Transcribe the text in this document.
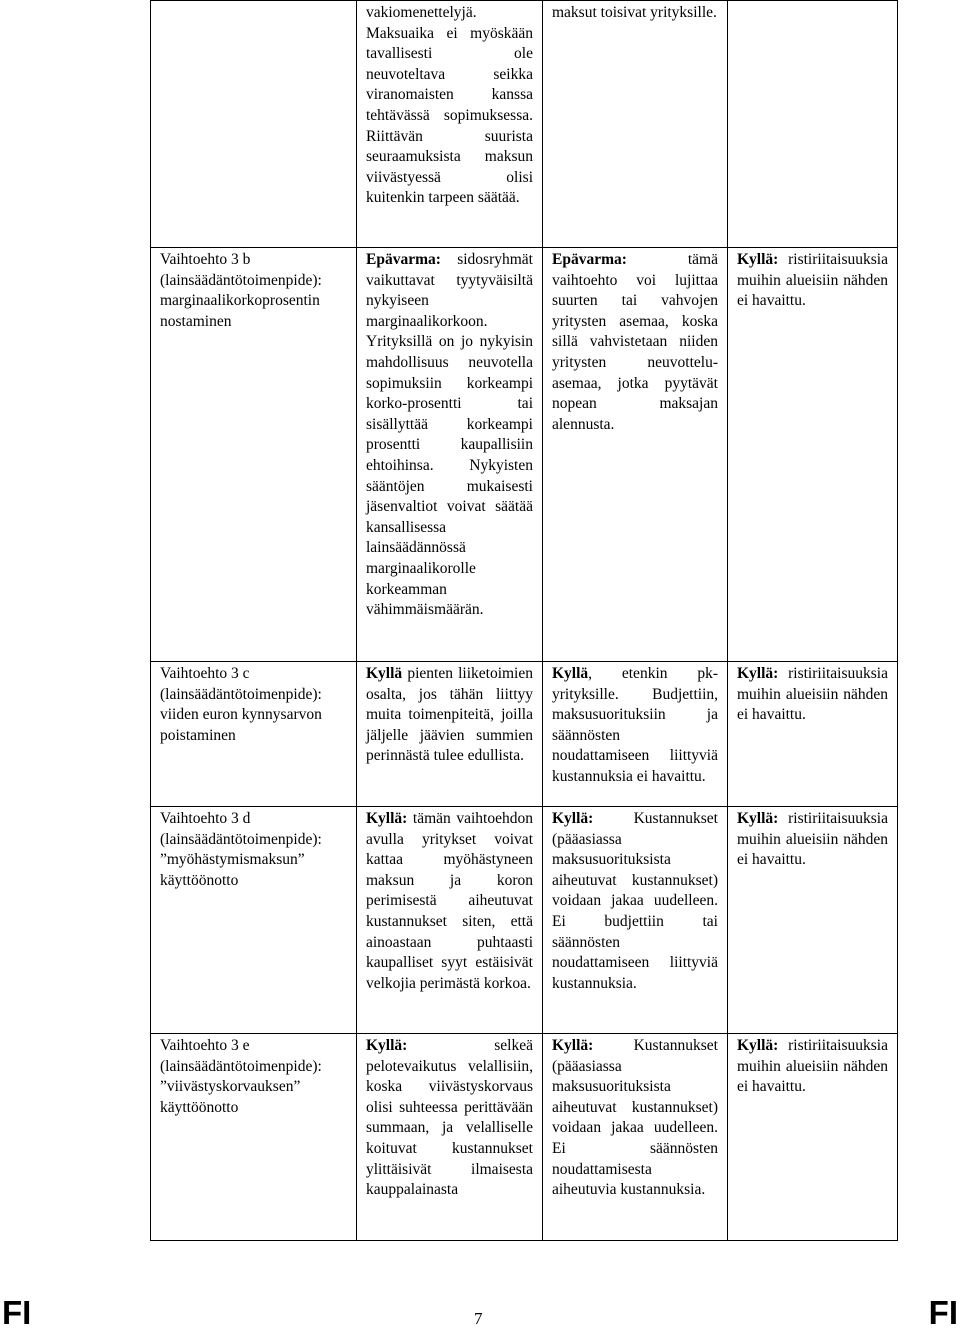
	vakiomenettelyjä. Maksuaika ei myöskään tavallisesti ole neuvoteltava seikka viranomaisten kanssa tehtävässä sopimuksessa. Riittävän suurista seuraamuksista maksun viivästyessä olisi kuitenkin tarpeen säätää.	maksut toisivat yrityksille.	
Vaihtoehto 3 b (lainsäädäntötoimenpide): marginaalikorkoprosentin nostaminen	Epävarma: sidosryhmät vaikuttavat tyytyväisiltä nykyiseen marginaalikorkoon. Yrityksillä on jo nykyisin mahdollisuus neuvotella sopimuksiin korkeampi korko-prosentti tai sisällyttää korkeampi prosentti kaupallisiin ehtoihinsa. Nykyisten sääntöjen mukaisesti jäsenvaltiot voivat säätää kansallisessa lainsäädännössä marginaalikorolle korkeamman vähimmäismäärän.	Epävarma: tämä vaihtoehto voi lujittaa suurten tai vahvojen yritysten asemaa, koska sillä vahvistetaan niiden yritysten neuvottelu-asemaa, jotka pyytävät nopean maksajan alennusta.	Kyllä: ristiriitaisuuksia muihin alueisiin nähden ei havaittu.
Vaihtoehto 3 c (lainsäädäntötoimenpide): viiden euron kynnysarvon poistaminen	Kyllä pienten liiketoimien osalta, jos tähän liittyy muita toimenpiteitä, joilla jäljelle jäävien summien perinnästä tulee edullista.	Kyllä, etenkin pk-yrityksille. Budjettiin, maksusuorituksiin ja säännösten noudattamiseen liittyviä kustannuksia ei havaittu.	Kyllä: ristiriitaisuuksia muihin alueisiin nähden ei havaittu.
Vaihtoehto 3 d (lainsäädäntötoimenpide): ”myöhästymismaksun” käyttöönotto	Kyllä: tämän vaihtoehdon avulla yritykset voivat kattaa myöhästyneen maksun ja koron perimisestä aiheutuvat kustannukset siten, että ainoastaan puhtaasti kaupalliset syyt estäisivät velkojia perimästä korkoa.	Kyllä: Kustannukset (pääasiassa maksusuorituksista aiheutuvat kustannukset) voidaan jakaa uudelleen. Ei budjettiin tai säännösten noudattamiseen liittyviä kustannuksia.	Kyllä: ristiriitaisuuksia muihin alueisiin nähden ei havaittu.
Vaihtoehto 3 e (lainsäädäntötoimenpide): ”viivästyskorvauksen” käyttöönotto	Kyllä: selkeä pelotevaikutus velallisiin, koska viivästyskorvaus olisi suhteessa perittävään summaan, ja velalliselle koituvat kustannukset ylittäisivät ilmaisesta kauppalainasta	Kyllä: Kustannukset (pääasiassa maksusuorituksista aiheutuvat kustannukset) voidaan jakaa uudelleen. Ei säännösten noudattamisesta aiheutuvia kustannuksia.	Kyllä: ristiriitaisuuksia muihin alueisiin nähden ei havaittu.
FI	7	FI
